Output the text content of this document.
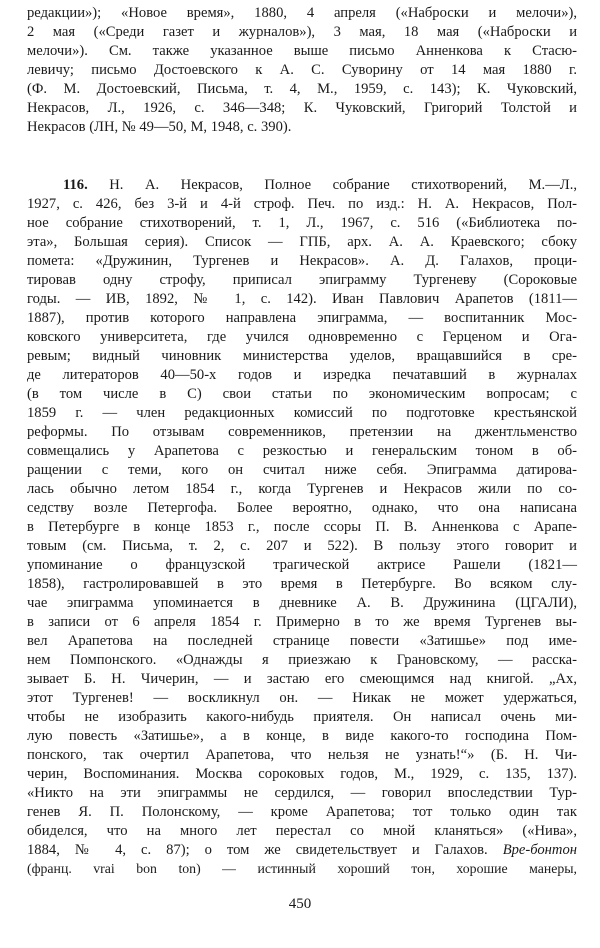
редакции»); «Новое время», 1880, 4 апреля («Наброски и мелочи»),
2 мая («Среди газет и журналов»), 3 мая, 18 мая («Наброски и
мелочи»). См. также указанное выше письмо Анненкова к Стасю-
левичу; письмо Достоевского к А. С. Суворину от 14 мая 1880 г.
(Ф. М. Достоевский, Письма, т. 4, М., 1959, с. 143); К. Чуковский,
Некрасов, Л., 1926, с. 346—348; К. Чуковский, Григорий Толстой и
Некрасов (ЛН, № 49—50, М, 1948, с. 390).
116. Н. А. Некрасов, Полное собрание стихотворений, М.—Л.,
1927, с. 426, без 3-й и 4-й строф. Печ. по изд.: Н. А. Некрасов, Пол-
ное собрание стихотворений, т. 1, Л., 1967, с. 516 («Библиотека по-
эта», Большая серия). Список — ГПБ, арх. А. А. Краевского; сбоку
пометa: «Дружинин, Тургенев и Некрасов». А. Д. Галахов, проци-
тировав одну строфу, приписал эпиграмму Тургеневу (Сороковые
годы. — ИВ, 1892, № 1, с. 142). Иван Павлович Арапетов (1811—
1887), против которого направлена эпиграмма, — воспитанник Мос-
ковского университета, где учился одновременно с Герценом и Ога-
ревым; видный чиновник министерства уделов, вращавшийся в сре-
де литераторов 40—50-х годов и изредка печатавший в журналах
(в том числе в С) свои статьи по экономическим вопросам; с
1859 г. — член редакционных комиссий по подготовке крестьянской
реформы. По отзывам современников, претензии на джентльменство
совмещались у Арапетова с резкостью и генеральским тоном в об-
ращении с теми, кого он считал ниже себя. Эпиграмма датирова-
лась обычно летом 1854 г., когда Тургенев и Некрасов жили по со-
седству возле Петергофа. Более вероятно, однако, что она написана
в Петербурге в конце 1853 г., после ссоры П. В. Анненкова с Арапе-
товым (см. Письма, т. 2, с. 207 и 522). В пользу этого говорит и
упоминание о французской трагической актрисе Рашели (1821—
1858), гастролировавшей в это время в Петербурге. Во всяком слу-
чае эпиграмма упоминается в дневнике А. В. Дружинина (ЦГАЛИ),
в записи от 6 апреля 1854 г. Примерно в то же время Тургенев вы-
вел Арапетова на последней странице повести «Затишье» под име-
нем Помпонского. «Однажды я приезжаю к Грановскому, — расска-
зывает Б. Н. Чичерин, — и застаю его смеющимся над книгой. „Ах,
этот Тургенев! — воскликнул он. — Никак не может удержаться,
чтобы не изобразить какого-нибудь приятеля. Он написал очень ми-
лую повесть «Затишье», а в конце, в виде какого-то господина Пом-
понского, так очертил Арапетова, что нельзя не узнать!“» (Б. Н. Чи-
черин, Воспоминания. Москва сороковых годов, М., 1929, с. 135, 137).
«Никто на эти эпиграммы не сердился, — говорил впоследствии Тур-
генев Я. П. Полонскому, — кроме Арапетова; тот только один так
обиделся, что на много лет перестал со мной кланяться» («Нива»,
1884, № 4, с. 87); о том же свидетельствует и Галахов. Вре-бонтон
(франц. vrai bon ton) — истинный хороший тон, хорошие манеры,
450
